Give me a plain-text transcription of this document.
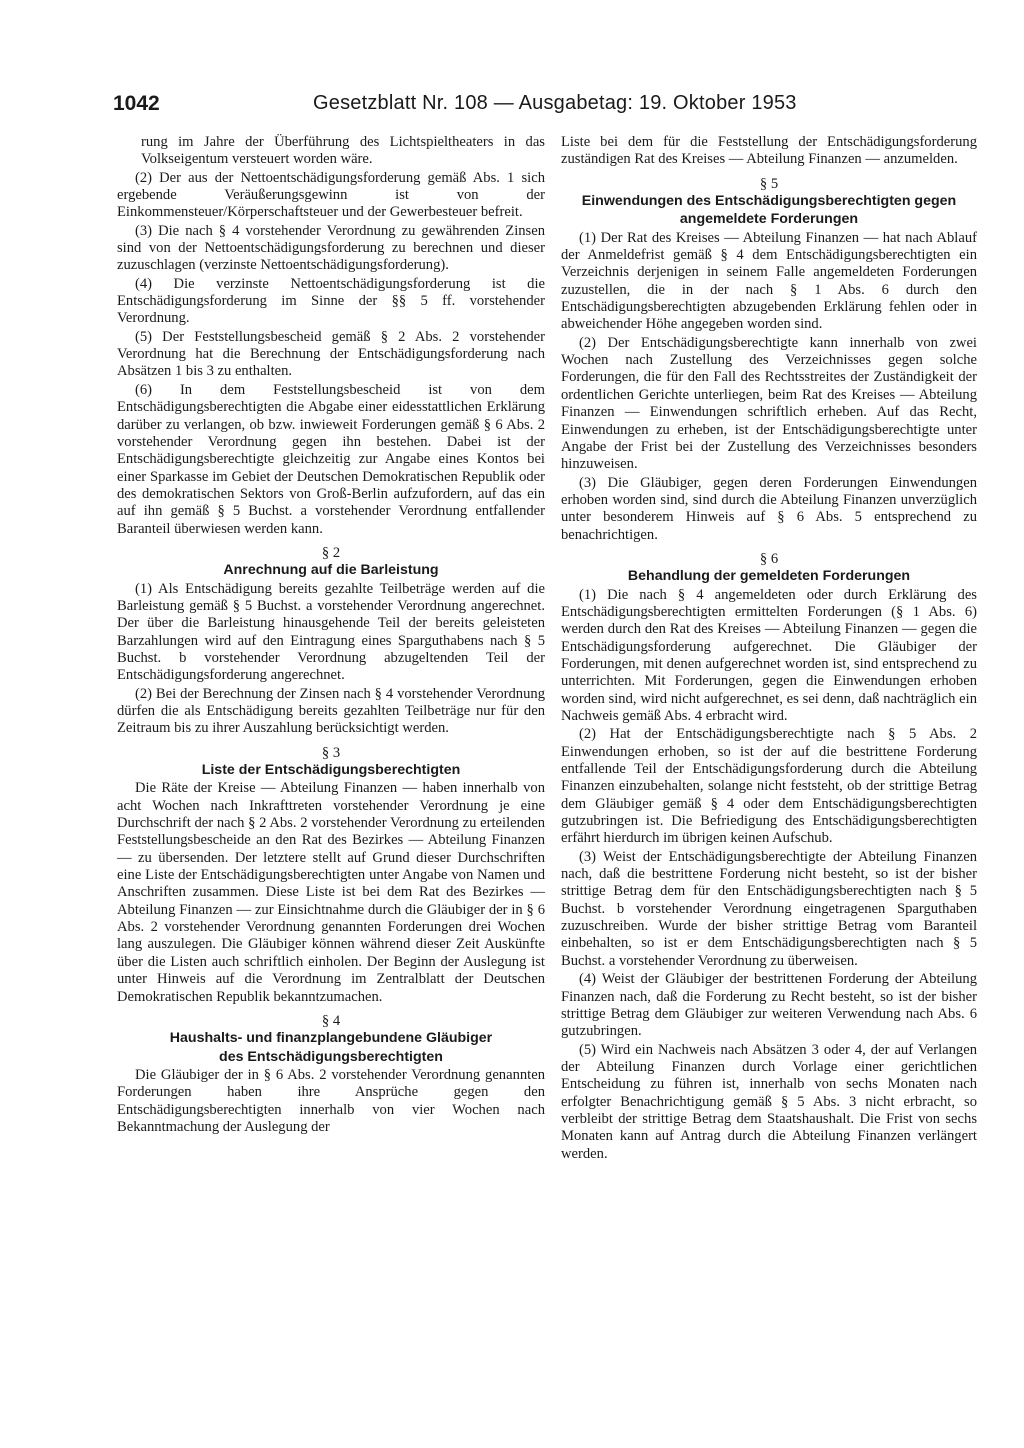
1042	Gesetzblatt Nr. 108 — Ausgabetag: 19. Oktober 1953

rung im Jahre der Überführung des Lichtspieltheaters in das Volkseigentum versteuert worden wäre.

(2) Der aus der Nettoentschädigungsforderung gemäß Abs. 1 sich ergebende Veräußerungsgewinn ist von der Einkommensteuer/Körperschaftsteuer und der Gewerbesteuer befreit.

(3) Die nach § 4 vorstehender Verordnung zu gewährenden Zinsen sind von der Nettoentschädigungsforderung zu berechnen und dieser zuzuschlagen (verzinste Nettoentschädigungsforderung).

(4) Die verzinste Nettoentschädigungsforderung ist die Entschädigungsforderung im Sinne der §§ 5 ff. vorstehender Verordnung.

(5) Der Feststellungsbescheid gemäß § 2 Abs. 2 vorstehender Verordnung hat die Berechnung der Entschädigungsforderung nach Absätzen 1 bis 3 zu enthalten.

(6) In dem Feststellungsbescheid ist von dem Entschädigungsberechtigten die Abgabe einer eidesstattlichen Erklärung darüber zu verlangen, ob bzw. inwieweit Forderungen gemäß § 6 Abs. 2 vorstehender Verordnung gegen ihn bestehen. Dabei ist der Entschädigungsberechtigte gleichzeitig zur Angabe eines Kontos bei einer Sparkasse im Gebiet der Deutschen Demokratischen Republik oder des demokratischen Sektors von Groß-Berlin aufzufordern, auf das ein auf ihn gemäß § 5 Buchst. a vorstehender Verordnung entfallender Baranteil überwiesen werden kann.

§ 2
Anrechnung auf die Barleistung

(1) Als Entschädigung bereits gezahlte Teilbeträge werden auf die Barleistung gemäß § 5 Buchst. a vorstehender Verordnung angerechnet. Der über die Barleistung hinausgehende Teil der bereits geleisteten Barzahlungen wird auf den Eintragung eines Sparguthabens nach § 5 Buchst. b vorstehender Verordnung abzugeltenden Teil der Entschädigungsforderung angerechnet.

(2) Bei der Berechnung der Zinsen nach § 4 vorstehender Verordnung dürfen die als Entschädigung bereits gezahlten Teilbeträge nur für den Zeitraum bis zu ihrer Auszahlung berücksichtigt werden.

§ 3
Liste der Entschädigungsberechtigten

Die Räte der Kreise — Abteilung Finanzen — haben innerhalb von acht Wochen nach Inkrafttreten vorstehender Verordnung je eine Durchschrift der nach § 2 Abs. 2 vorstehender Verordnung zu erteilenden Feststellungsbescheide an den Rat des Bezirkes — Abteilung Finanzen — zu übersenden. Der letztere stellt auf Grund dieser Durchschriften eine Liste der Entschädigungsberechtigten unter Angabe von Namen und Anschriften zusammen. Diese Liste ist bei dem Rat des Bezirkes — Abteilung Finanzen — zur Einsichtnahme durch die Gläubiger der in § 6 Abs. 2 vorstehender Verordnung genannten Forderungen drei Wochen lang auszulegen. Die Gläubiger können während dieser Zeit Auskünfte über die Listen auch schriftlich einholen. Der Beginn der Auslegung ist unter Hinweis auf die Verordnung im Zentralblatt der Deutschen Demokratischen Republik bekanntzumachen.

§ 4
Haushalts- und finanzplangebundene Gläubiger
des Entschädigungsberechtigten

Die Gläubiger der in § 6 Abs. 2 vorstehender Verordnung genannten Forderungen haben ihre Ansprüche gegen den Entschädigungsberechtigten innerhalb von vier Wochen nach Bekanntmachung der Auslegung der

Liste bei dem für die Feststellung der Entschädigungsforderung zuständigen Rat des Kreises — Abteilung Finanzen — anzumelden.

§ 5
Einwendungen des Entschädigungsberechtigten gegen
angemeldete Forderungen

(1) Der Rat des Kreises — Abteilung Finanzen — hat nach Ablauf der Anmeldefrist gemäß § 4 dem Entschädigungsberechtigten ein Verzeichnis derjenigen in seinem Falle angemeldeten Forderungen zuzustellen, die in der nach § 1 Abs. 6 durch den Entschädigungsberechtigten abzugebenden Erklärung fehlen oder in abweichender Höhe angegeben worden sind.

(2) Der Entschädigungsberechtigte kann innerhalb von zwei Wochen nach Zustellung des Verzeichnisses gegen solche Forderungen, die für den Fall des Rechtsstreites der Zuständigkeit der ordentlichen Gerichte unterliegen, beim Rat des Kreises — Abteilung Finanzen — Einwendungen schriftlich erheben. Auf das Recht, Einwendungen zu erheben, ist der Entschädigungsberechtigte unter Angabe der Frist bei der Zustellung des Verzeichnisses besonders hinzuweisen.

(3) Die Gläubiger, gegen deren Forderungen Einwendungen erhoben worden sind, sind durch die Abteilung Finanzen unverzüglich unter besonderem Hinweis auf § 6 Abs. 5 entsprechend zu benachrichtigen.

§ 6
Behandlung der gemeldeten Forderungen

(1) Die nach § 4 angemeldeten oder durch Erklärung des Entschädigungsberechtigten ermittelten Forderungen (§ 1 Abs. 6) werden durch den Rat des Kreises — Abteilung Finanzen — gegen die Entschädigungsforderung aufgerechnet. Die Gläubiger der Forderungen, mit denen aufgerechnet worden ist, sind entsprechend zu unterrichten. Mit Forderungen, gegen die Einwendungen erhoben worden sind, wird nicht aufgerechnet, es sei denn, daß nachträglich ein Nachweis gemäß Abs. 4 erbracht wird.

(2) Hat der Entschädigungsberechtigte nach § 5 Abs. 2 Einwendungen erhoben, so ist der auf die bestrittene Forderung entfallende Teil der Entschädigungsforderung durch die Abteilung Finanzen einzubehalten, solange nicht feststeht, ob der strittige Betrag dem Gläubiger gemäß § 4 oder dem Entschädigungsberechtigten gutzubringen ist. Die Befriedigung des Entschädigungsberechtigten erfährt hierdurch im übrigen keinen Aufschub.

(3) Weist der Entschädigungsberechtigte der Abteilung Finanzen nach, daß die bestrittene Forderung nicht besteht, so ist der bisher strittige Betrag dem für den Entschädigungsberechtigten nach § 5 Buchst. b vorstehender Verordnung eingetragenen Sparguthaben zuzuschreiben. Wurde der bisher strittige Betrag vom Baranteil einbehalten, so ist er dem Entschädigungsberechtigten nach § 5 Buchst. a vorstehender Verordnung zu überweisen.

(4) Weist der Gläubiger der bestrittenen Forderung der Abteilung Finanzen nach, daß die Forderung zu Recht besteht, so ist der bisher strittige Betrag dem Gläubiger zur weiteren Verwendung nach Abs. 6 gutzubringen.

(5) Wird ein Nachweis nach Absätzen 3 oder 4, der auf Verlangen der Abteilung Finanzen durch Vorlage einer gerichtlichen Entscheidung zu führen ist, innerhalb von sechs Monaten nach erfolgter Benachrichtigung gemäß § 5 Abs. 3 nicht erbracht, so verbleibt der strittige Betrag dem Staatshaushalt. Die Frist von sechs Monaten kann auf Antrag durch die Abteilung Finanzen verlängert werden.
